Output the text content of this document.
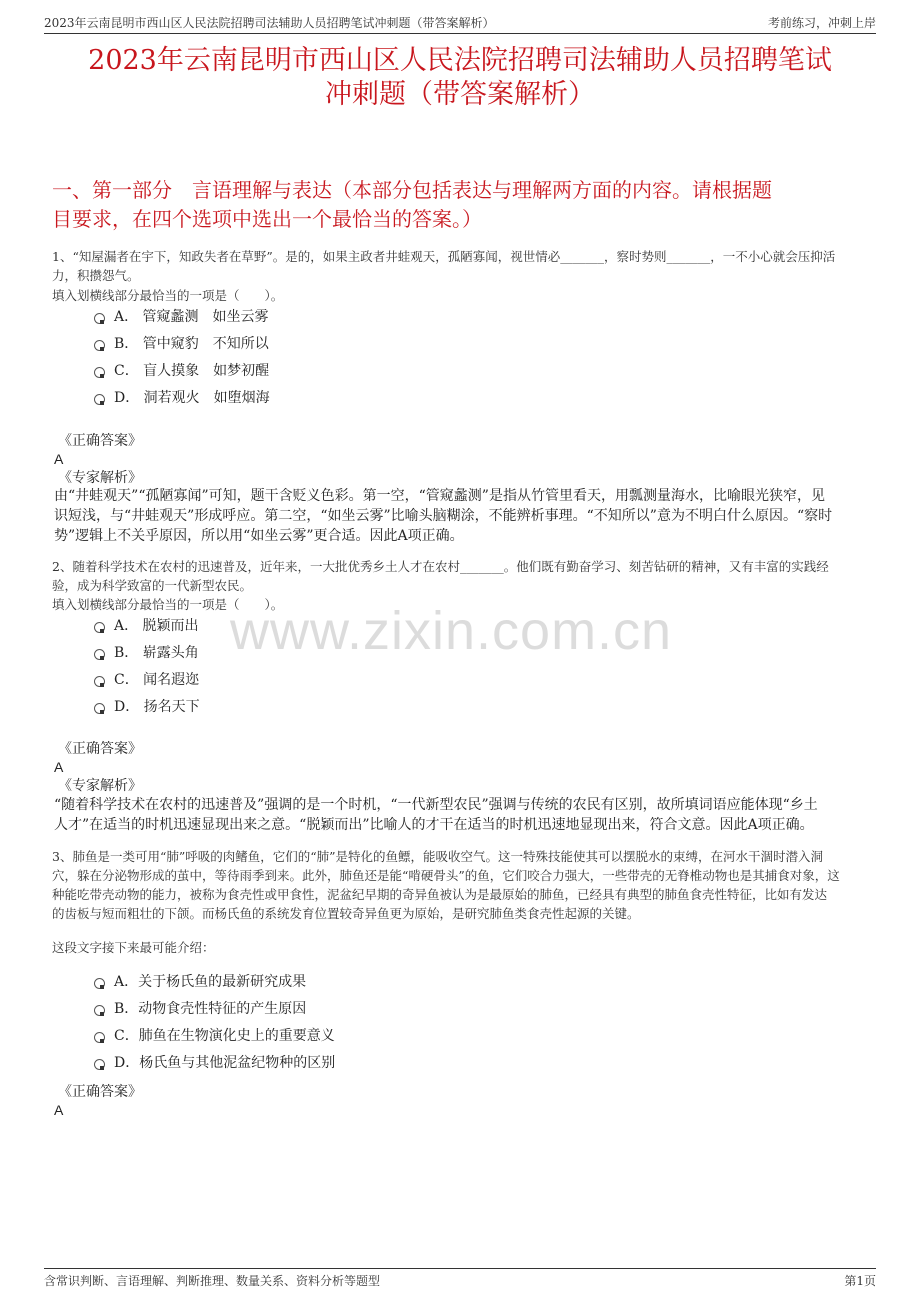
2023年云南昆明市西山区人民法院招聘司法辅助人员招聘笔试冲刺题（带答案解析）	考前练习，冲刺上岸
2023年云南昆明市西山区人民法院招聘司法辅助人员招聘笔试
冲刺题（带答案解析）
一、第一部分　言语理解与表达（本部分包括表达与理解两方面的内容。请根据题
目要求，在四个选项中选出一个最恰当的答案。）
www.zixin.com.cn
1、“知屋漏者在宇下，知政失者在草野”。是的，如果主政者井蛙观天，孤陋寡闻，视世情必_______，察时势则_______，一不小心就会压抑活
力，积攒怨气。
填入划横线部分最恰当的一项是（　　）。
A． 管窥蠡测　如坐云雾
B． 管中窥豹　不知所以
C． 盲人摸象　如梦初醒
D． 洞若观火　如堕烟海
《正确答案》
A
《专家解析》
由“井蛙观天”“孤陋寡闻”可知，题干含贬义色彩。第一空，“管窥蠡测”是指从竹管里看天，用瓢测量海水，比喻眼光狭窄，见
识短浅，与“井蛙观天”形成呼应。第二空，“如坐云雾”比喻头脑糊涂，不能辨析事理。“不知所以”意为不明白什么原因。“察时
势”逻辑上不关乎原因，所以用“如坐云雾”更合适。因此A项正确。
2、随着科学技术在农村的迅速普及，近年来，一大批优秀乡土人才在农村_______。他们既有勤奋学习、刻苦钻研的精神，又有丰富的实践经
验，成为科学致富的一代新型农民。
填入划横线部分最恰当的一项是（　　）。
A． 脱颖而出
B． 崭露头角
C． 闻名遐迩
D． 扬名天下
《正确答案》
A
《专家解析》
“随着科学技术在农村的迅速普及”强调的是一个时机，“一代新型农民”强调与传统的农民有区别，故所填词语应能体现“乡土
人才”在适当的时机迅速显现出来之意。“脱颖而出”比喻人的才干在适当的时机迅速地显现出来，符合文意。因此A项正确。
3、肺鱼是一类可用“肺”呼吸的肉鳍鱼，它们的“肺”是特化的鱼鳔，能吸收空气。这一特殊技能使其可以摆脱水的束缚，在河水干涸时潜入洞
穴，躲在分泌物形成的茧中，等待雨季到来。此外，肺鱼还是能“啃硬骨头”的鱼，它们咬合力强大，一些带壳的无脊椎动物也是其捕食对象，这
种能吃带壳动物的能力，被称为食壳性或甲食性，泥盆纪早期的奇异鱼被认为是最原始的肺鱼，已经具有典型的肺鱼食壳性特征，比如有发达
的齿板与短而粗壮的下颌。而杨氏鱼的系统发育位置较奇异鱼更为原始，是研究肺鱼类食壳性起源的关键。
这段文字接下来最可能介绍：
A．关于杨氏鱼的最新研究成果
B．动物食壳性特征的产生原因
C．肺鱼在生物演化史上的重要意义
D．杨氏鱼与其他泥盆纪物种的区别
《正确答案》
A
含常识判断、言语理解、判断推理、数量关系、资料分析等题型	第1页
